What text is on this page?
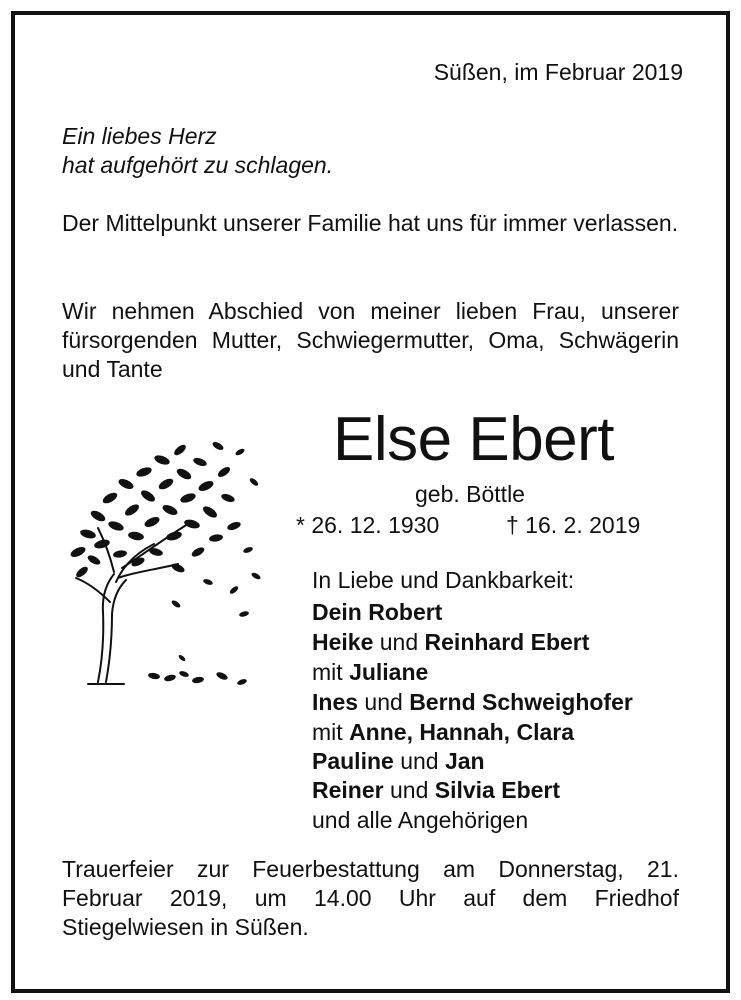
Süßen, im Februar 2019
Ein liebes Herz
hat aufgehört zu schlagen.
Der Mittelpunkt unserer Familie hat uns für immer verlassen.
Wir nehmen Abschied von meiner lieben Frau, unserer fürsorgenden Mutter, Schwiegermutter, Oma, Schwägerin und Tante
Else Ebert
geb. Böttle
* 26. 12. 1930	† 16. 2. 2019
In Liebe und Dankbarkeit:
Dein Robert
Heike und Reinhard Ebert
mit Juliane
Ines und Bernd Schweighofer
mit Anne, Hannah, Clara
Pauline und Jan
Reiner und Silvia Ebert
und alle Angehörigen
Trauerfeier zur Feuerbestattung am Donnerstag, 21. Februar 2019, um 14.00 Uhr auf dem Friedhof Stiegelwiesen in Süßen.
